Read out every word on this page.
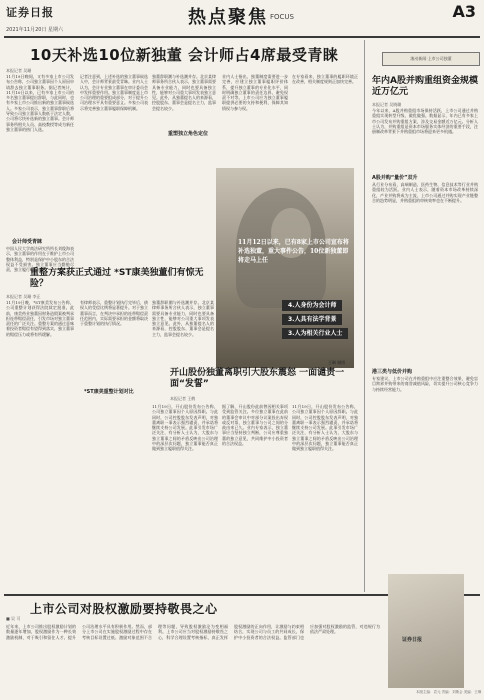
证券日报
2021年11月20日 星期六
热点聚焦 FOCUS	A3
10天补选10位新独董 会计师占4席最受青睐
本报记者 吴珊
11月19日晚间，又有多家上市公司发布公告称，公司独立董事因个人原因申请辞去独立董事职务。据记者统计，11月10日以来，已有多家上市公司的多名独立董事提出辞职，与此同时，也有多家上市公司推出新的独立董事候选人。多家公司表示，独立董事辞职后将导致公司独立董事人数低于法定人数，公司将尽快补选新的独立董事。会计师事务所相关人员、高校教授等成为新任独立董事的热门人选。
会计师受青睐
中国人民大学商法研究所所长刘俊海表示，独立董事的作用在于维护上市公司整体利益，特别是保护中小股东的合法权益不受损害。独立董事应当勤勉尽责，独立履行职责。
记者注意到，上述补选的独立董事候选人中，会计师背景最受青睐。业内人士认为，会计专业独立董事在审计委员会中发挥重要作用。独立董事制度是上市公司治理的重要组成部分，对于提升公司治理水平具有重要意义。多家公司表示将完善独立董事履职保障机制。
重塑独立角色定位
独董辞职潮与补选潮并存。北京某律师事务所合伙人表示，独立董事需要具备专业能力，同时也要具备独立性，能够对公司重大事项发表独立意见。此外，从独董提名人的来源看，控股股东、董事会是提名主力，监事会提名较少。
业内人士指出，独董制度需要进一步完善，应建立独立董事履职评价体系，提升独立董事的专业化水平，同时明确独立董事的责任边界，避免权责不对等。上市公司应为独立董事履职提供必要的支持和便利，保障其知情权与参与权。
在专家看来，独立董事的履职环境正在改善，相关制度规则正加快完善。
重整方案获正式通过 *ST康美独董们有惊无险？
本报记者 吴珊 李正
11月19日晚，*ST康美发布公告称，公司重整计划获得法院裁定批准。此前，康美药业独董因财务造假案被判承担连带赔偿责任，引发市场对独立董事责任的广泛关注。重整方案的通过意味着投资者赔偿有望得到落实，独立董事的赔偿压力或将有所缓解。
*ST康美重整计划对比
有律师表示，重整计划执行完毕后，债权人的受偿比例将显著提升。对于独立董事而言，在判决中承担的连带赔偿责任范围内，实际需要承担的金额将取决于重整计划的执行情况。
独董辞职潮与补选潮并存。北京某律师事务所合伙人表示，独立董事需要具备专业能力，同时也要具备独立性，能够对公司重大事项发表独立意见。此外，从独董提名人的来源看，控股股东、董事会是提名主力，监事会提名较少。
11月12日以来，已有8家上市公司宣布将补选独董，重大事件公告，10位新独董即将走马上任
4.人身份为会计师
3.人具有法学背景
3.人为相关行业人士
王琳 制图
开山股份独董离职引大股东震怒 一面谴责一面“发誓”
本报记者 王鹤
11月19日，开山股份发布公告称，公司独立董事因个人原因辞职。与此同时，公司控股股东发表声明，对独董离职一事表示强烈谴责，并承诺将继续支持公司发展。此事引发市场广泛关注，有分析人士认为，大股东与独立董事之间的矛盾反映出公司治理中的深层次问题，独立董事能否真正做到独立履职值得关注。
据了解，开山股份此前曾因相关事项受到监管关注。多位独立董事在此前的董事会审议中对部分议案投出弃权或反对票，独立董事与公司之间的分歧由来已久。业内专家表示，独立董事应当坚持独立判断，公司应尊重独董的独立意见，共同维护中小投资者的合法权益。
11月19日，开山股份发布公告称，公司独立董事因个人原因辞职。与此同时，公司控股股东发表声明，对独董离职一事表示强烈谴责，并承诺将继续支持公司发展。此事引发市场广泛关注，有分析人士认为，大股东与独立董事之间的矛盾反映出公司治理中的深层次问题，独立董事能否真正做到独立履职值得关注。
滚动新闻·上市公司独董
年内A股并购重组资金规模近万亿元
本报记者 吴晓璐
今年以来，A股并购重组市场保持活跃，上市公司通过并购重组实现转型升级、做优做强。数据显示，年内已有多家上市公司发布并购重组方案，涉及交易金额近万亿元。分析人士认为，并购重组是资本市场服务实体经济的重要手段，注册制改革背景下并购重组市场将迎来更多机遇。
A股并购“量价”双升
从行业分布看，高端制造、医药生物、信息技术等行业并购重组较为活跃。业内人士表示，随着资本市场改革持续深化，产业并购将成为主流，上市公司通过并购实现产业链整合的趋势明显，并购重组的审核效率也在不断提升。
港三类与低价并购
专家建议，上市公司在并购重组中应注重整合效果，避免盲目跨界并购带来的商誉减值风险，切实提升公司核心竞争力与持续经营能力。
上市公司对股权激励要持敬畏之心
■ 吴 可
近年来，上市公司推出股权激励计划的数量逐年增加，股权激励作为一种长效激励机制，对于吸引和留住人才、提升公司治理水平具有积极作用。然而，部分上市公司在实施股权激励过程中存在考核目标设置过低、激励对象范围不合理等问题，导致股权激励沦为变相福利。上市公司应当对股权激励持敬畏之心，科学合理设置考核指标，真正发挥股权激励的正向作用，让激励与约束相结合，实现公司与员工的共同成长，保护中小投资者的合法权益。监管部门也应加强对股权激励的监管，对违规行为依法严肃处理。
证券日报
本版主编：袁元 责编：刘斯会 美编：王琳
